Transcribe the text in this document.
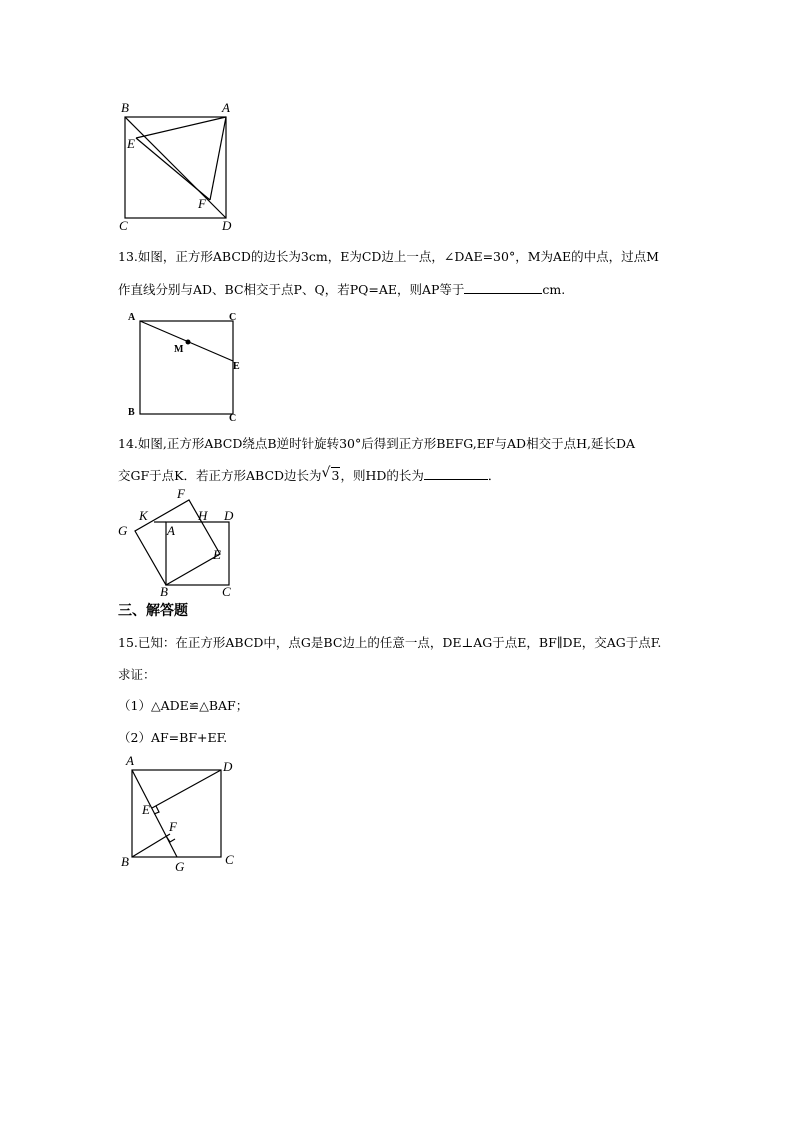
B	A
E
F
C	D
13.如图，正方形ABCD的边长为3cm，E为CD边上一点，∠DAE=30°，M为AE的中点，过点M
作直线分别与AD、BC相交于点P、Q，若PQ=AE，则AP等于	cm.
A	C
M
E
B
C
14.如图,正方形ABCD绕点B逆时针旋转30°后得到正方形BEFG,EF与AD相交于点H,延长DA
交GF于点K．若正方形ABCD边长为 √ 3，则HD的长为	．
F
K
A
H D
G
E
B	C
三、解答题
15.已知：在正方形ABCD中，点G是BC边上的任意一点，DE⊥AG于点E，BF∥DE，交AG于点F.
求证：
（1）△ADE≌△BAF；
（2）AF=BF+EF.
A	D
E
F
B	G	C
